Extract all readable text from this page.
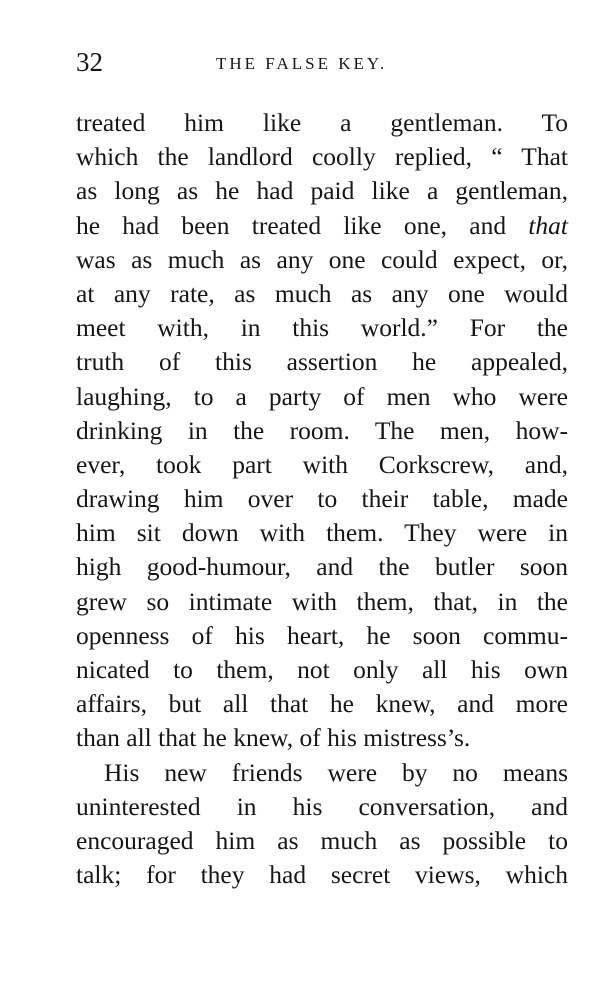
32	THE FALSE KEY.
treated him like a gentleman. To
which the landlord coolly replied, “ That
as long as he had paid like a gentleman,
he had been treated like one, and that
was as much as any one could expect, or,
at any rate, as much as any one would
meet with, in this world.” For the
truth of this assertion he appealed,
laughing, to a party of men who were
drinking in the room. The men, how-
ever, took part with Corkscrew, and,
drawing him over to their table, made
him sit down with them. They were in
high good-humour, and the butler soon
grew so intimate with them, that, in the
openness of his heart, he soon commu-
nicated to them, not only all his own
affairs, but all that he knew, and more
than all that he knew, of his mistress’s.
His new friends were by no means
uninterested in his conversation, and
encouraged him as much as possible to
talk; for they had secret views, which
